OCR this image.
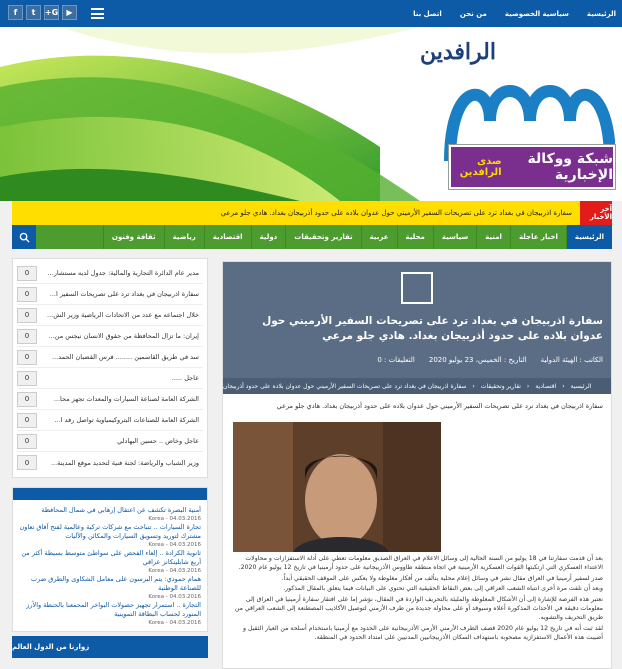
الرئيسية
سياسية الخصوصية
من نحن
اتصل بنا
▶
G+
t
f
الرافدين
شبكة ووكالة الإخبارية
صدى الرافدين
آخر الأخبار
سفارة اذربيجان في بغداد ترد على تصريحات السفير الأرميني حول عدوان بلاده على حدود أذربيجان بغداد. هادي جلو مرعي
الرئيسية
اخبار عاجلة
امنية
سياسية
محلية
عربية
تقارير وتحقيقات
دولية
اقتصادية
رياضية
ثقافة وفنون
مدير عام الدائرة التجارية والمالية: جدول لديه مستشار...
0
سفارة اذربيجان في بغداد ترد على تصريحات السفير ا...
0
خلال اجتماعه مع عدد من الاتحادات الرياضية وزير الش...
0
إيران: ما تزال المحافظة من حقوق الانسان نيجس من...
0
سد في طريق القاسمين ........ فرس القضبان الحمد...
0
عاجل .....
0
الشركة العامة لصناعة السيارات والمعدات تجهز محا...
0
الشركة العامة للصناعات البتروكيمياوية تواصل رفد ا...
0
عاجل وخاص .. حسين البهادلي
0
وزير الشباب والرياضة: لجنة فنية لتحديد موقع المدينة...
0
أمنية البصرة تكشف عن اعتقال إرهابي في شمال المحافظة
Korea - 04.03.2016
تجارة السيارات .. تتباحث مع شركات تركية وعالمية لفتح آفاق تعاون مشترك لتوريد وتسويق السيارات والمكائن والآليات
Korea - 04.03.2016
ثانوية الكرادة .. إلغاء الفحص على سواطئ متوسط بسيطة أكثر من أربع شابلينكانز عراقي
Korea - 04.03.2016
همام حمودي: يتم البرسون على معامل الشكاوى والطرق ضرب للصناعة الوطنية
Korea - 04.03.2016
التجارة .. استمرار تجهيز حصولات البواخر المحمعنا بالحنطة والأرز المنورد لحساب البطاقة التموينية
Korea - 04.03.2016
زوارنا من الدول العالم
سفارة اذربيجان في بغداد ترد على تصريحات السفير الأرميني حول عدوان بلاده على حدود أذربيجان بغداد. هادي جلو مرعي
الكاتب : الهيئة الدولية
التاريخ : الخميس، 23 يوليو 2020
التعليقات : 0
الرئيسية
‹
اقتصادية
‹
تقارير وتحقيقات
‹
سفارة اذربيجان في بغداد ترد على تصريحات السفير الأرميني حول عدوان بلاده على حدود أذربيجان
سفارة اذربيجان في بغداد ترد على تصريحات السفير الأرميني حول عدوان بلاده على حدود أذربيجان بغداد. هادي جلو مرعي

بعد أن قدمت سفارتنا في 18 يوليو من السنة الحالية إلى وسائل الاعلام في العراق الصديق معلومات تعطي على أدلة الاستفزازات و محاولات الاعتداء العسكري التي ارتكبتها القوات العسكرية الأرمينية في اتجاه منطقة طاووس الأذربيجانية على حدود أرمينيا في تاريخ 12 يوليو عام 2020.

صدر لسفير أرمينيا في العراق مقال نشر في وسائل إعلام محلية يتألف من أفكار مغلوطة ولا يعكس على الموقف الحقيقي أبداً.

وبعد أن نلفت مرة أخرى انتباه الشعب العراقي إلى بعض النقاط الحقيقية التي تحتوي على البيانات فيما يتعلق بالمقال المذكور.

نعتبر هذه الفرصة للإشارة إلى أن الأشكال المغلوطة والمليئة بالتحريف الواردة في المقال، نؤشر إما على افتقار سفارة أرمينيا في العراق إلى معلومات دقيقة في الأحداث المذكورة أعلاه وسيوفد أو على محاولة جديدة من طرف الأرمني لتوصيل الأكاذيب المصطنعة إلى الشعب العراقي من طريق التحريف والتشويه.

لقد ثبت أنه في تاريخ 12 يوليو عام 2020 قصف الطرف الأرمني الأرمي الأذربيجانية على الحدود مع أرمينيا باستخدام أسلحة من العيار الثقيل و أصيبت هذه الأعمال الاستفزازية مصحوبة باستهداف السكان الأذربيجانيين المدنيين على امتداد الحدود في المنطقة.
